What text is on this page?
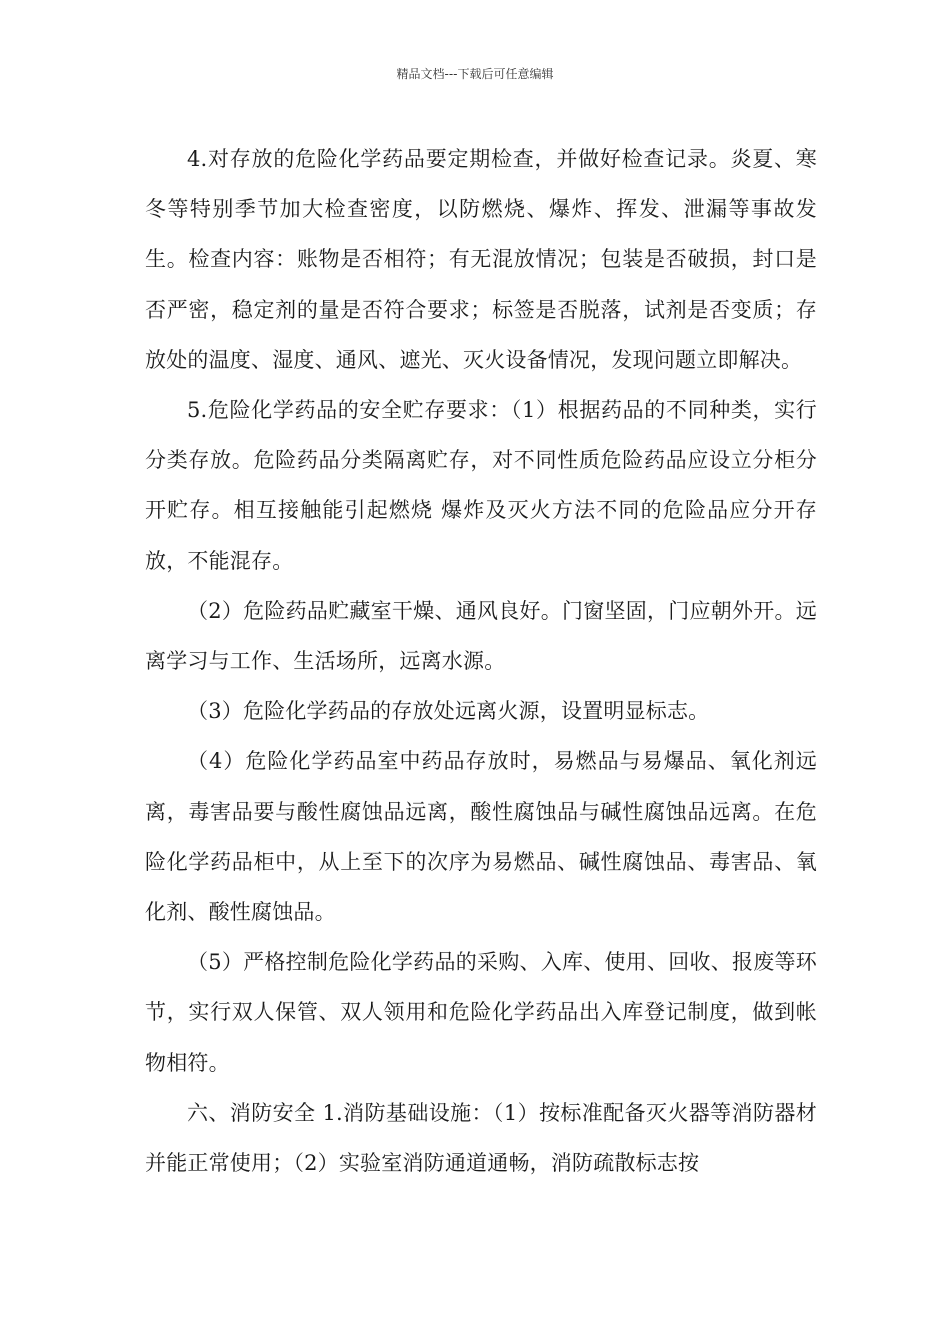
精品文档---下载后可任意编辑

4.对存放的危险化学药品要定期检查，并做好检查记录。炎夏、寒冬等特别季节加大检查密度，以防燃烧、爆炸、挥发、泄漏等事故发生。检查内容：账物是否相符；有无混放情况；包装是否破损，封口是否严密，稳定剂的量是否符合要求；标签是否脱落，试剂是否变质；存放处的温度、湿度、通风、遮光、灭火设备情况，发现问题立即解决。

5.危险化学药品的安全贮存要求：（1）根据药品的不同种类，实行分类存放。危险药品分类隔离贮存，对不同性质危险药品应设立分柜分开贮存。相互接触能引起燃烧 爆炸及灭火方法不同的危险品应分开存放，不能混存。

（2）危险药品贮藏室干燥、通风良好。门窗坚固，门应朝外开。远离学习与工作、生活场所，远离水源。

（3）危险化学药品的存放处远离火源，设置明显标志。

（4）危险化学药品室中药品存放时，易燃品与易爆品、氧化剂远离，毒害品要与酸性腐蚀品远离，酸性腐蚀品与碱性腐蚀品远离。在危险化学药品柜中，从上至下的次序为易燃品、碱性腐蚀品、毒害品、氧化剂、酸性腐蚀品。

（5）严格控制危险化学药品的采购、入库、使用、回收、报废等环节，实行双人保管、双人领用和危险化学药品出入库登记制度，做到帐物相符。

六、消防安全 1.消防基础设施：（1）按标准配备灭火器等消防器材并能正常使用；（2）实验室消防通道通畅，消防疏散标志按
